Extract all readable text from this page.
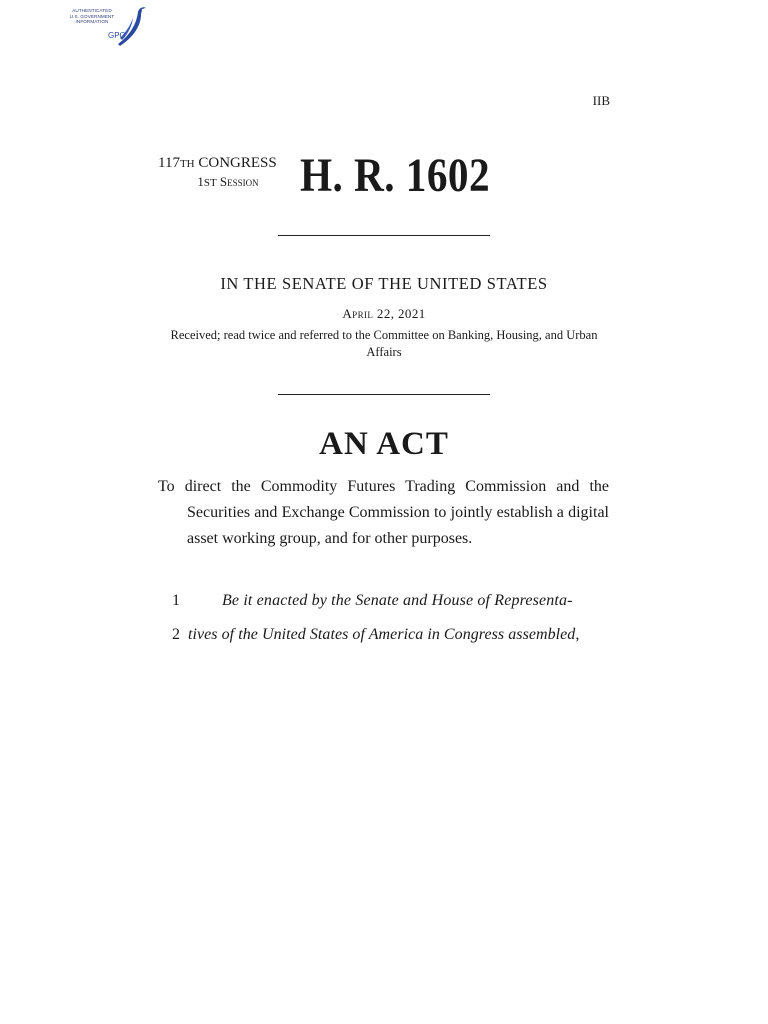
AUTHENTICATED
U.S. GOVERNMENT
INFORMATION
GPO
IIB
117TH CONGRESS
1ST Session H. R. 1602
IN THE SENATE OF THE UNITED STATES
April 22, 2021
Received; read twice and referred to the Committee on Banking, Housing, and Urban Affairs
AN ACT
To direct the Commodity Futures Trading Commission and the Securities and Exchange Commission to jointly establish a digital asset working group, and for other purposes.
1	Be it enacted by the Senate and House of Representa-
2 tives of the United States of America in Congress assembled,
